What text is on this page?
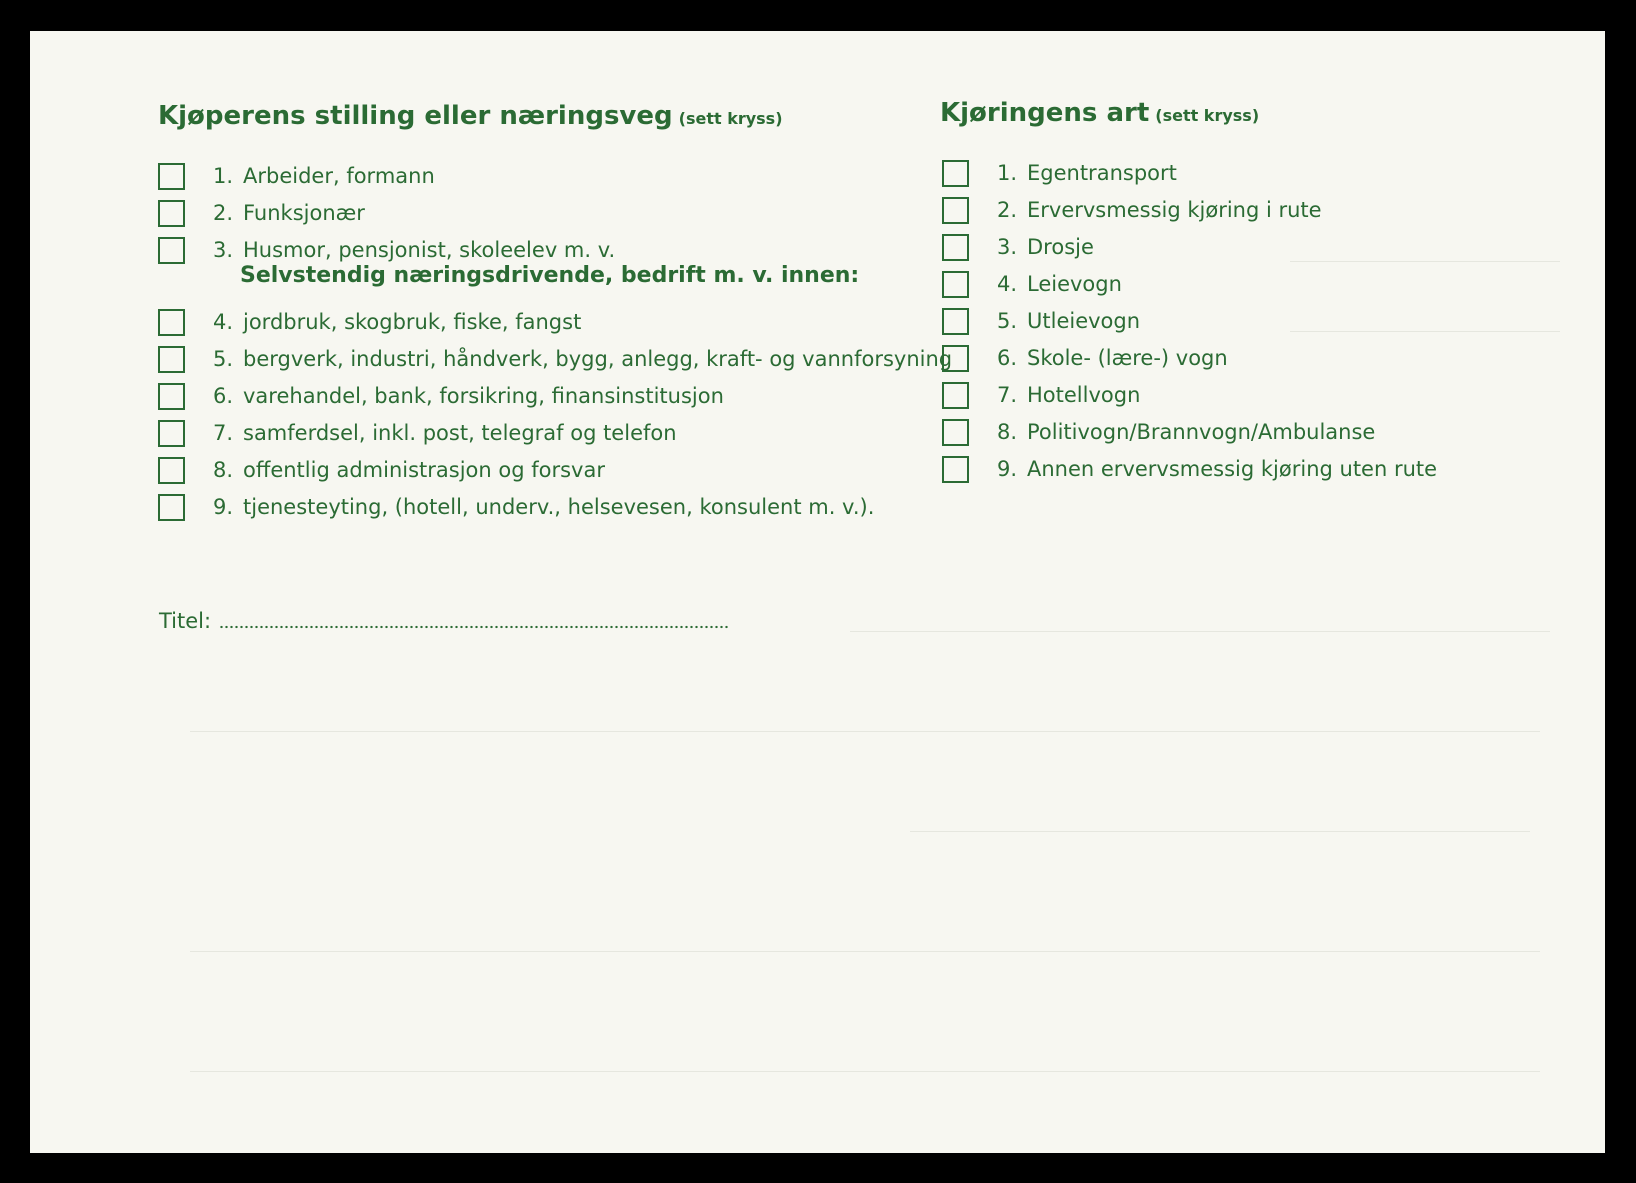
Kjøperens stilling eller næringsveg (sett kryss)
1. Arbeider, formann
2. Funksjonær
3. Husmor, pensjonist, skoleelev m. v.
Selvstendig næringsdrivende, bedrift m. v. innen:
4. jordbruk, skogbruk, fiske, fangst
5. bergverk, industri, håndverk, bygg, anlegg, kraft- og vannforsyning
6. varehandel, bank, forsikring, finansinstitusjon
7. samferdsel, inkl. post, telegraf og telefon
8. offentlig administrasjon og forsvar
9. tjenesteyting, (hotell, underv., helsevesen, konsulent m. v.).
Titel:
Kjøringens art (sett kryss)
1. Egentransport
2. Ervervsmessig kjøring i rute
3. Drosje
4. Leievogn
5. Utleievogn
6. Skole- (lære-) vogn
7. Hotellvogn
8. Politivogn/Brannvogn/Ambulanse
9. Annen ervervsmessig kjøring uten rute
